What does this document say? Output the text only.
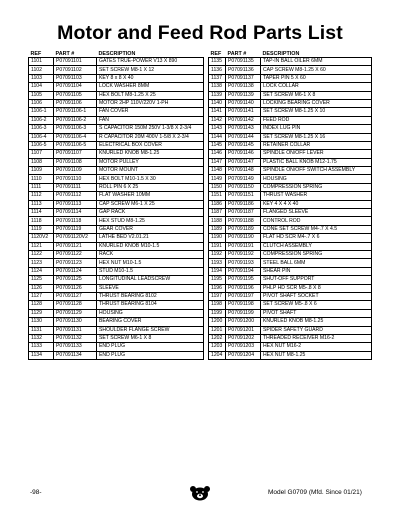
Motor and Feed Rod Parts List
REF	PART #	DESCRIPTION
1101	P07091101	GATES TRUE-POWER V13 X 890
1102	P07091102	SET SCREW M8-1 X 12
1103	P07091103	KEY 8 x 8 X 40
1104	P07091104	LOCK WASHER 8MM
1105	P07091105	HEX BOLT M8-1.25 X 25
1106	P07091106	MOTOR 2HP 110V/220V 1-PH
1106-1	P07091106-1	FAN COVER
1106-2	P07091106-2	FAN
1106-3	P07091106-3	S CAPACITOR 150M 250V 1-3/8 X 2-3/4
1106-4	P07091106-4	R CAPACITOR 20M 400V 1-5/8 X 2-3/4
1106-5	P07091106-5	ELECTRICAL BOX COVER
1107	P07091107	KNURLED KNOB M8-1.25
1108	P07091108	MOTOR PULLEY
1109	P07091109	MOTOR MOUNT
1110	P07091110	HEX BOLT M10-1.5 X 30
1111	P07091111	ROLL PIN 6 X 25
1112	P07091112	FLAT WASHER 10MM
1113	P07091113	CAP SCREW M6-1 X 25
1114	P07091114	GAP RACK
1118	P07091118	HEX STUD M8-1.25
1119	P07091119	GEAR COVER
1120V2	P07091120V2	LATHE BED V2.01.21
1121	P07091121	KNURLED KNOB M10-1.5
1122	P07091122	RACK
1123	P07091123	HEX NUT M10-1.5
1124	P07091124	STUD M10-1.5
1125	P07091125	LONGITUDINAL LEADSCREW
1126	P07091126	SLEEVE
1127	P07091127	THRUST BEARING 8102
1128	P07091128	THRUST BEARING 8104
1129	P07091129	HOUSING
1130	P07091130	BEARING COVER
1131	P07091131	SHOULDER FLANGE SCREW
1132	P07091132	SET SCREW M6-1 X 8
1133	P07091133	END PLUG
1134	P07091134	END PLUG
REF	PART #	DESCRIPTION
1135	P07091135	TAP-IN BALL OILER 6MM
1136	P07091136	CAP SCREW M8-1.25 X 60
1137	P07091137	TAPER PIN 5 X 60
1138	P07091138	LOCK COLLAR
1139	P07091139	SET SCREW M6-1 X 8
1140	P07091140	LOCKING BEARING COVER
1141	P07091141	SET SCREW M8-1.25 X 10
1142	P07091142	FEED ROD
1143	P07091143	INDEX LUG PIN
1144	P07091144	SET SCREW M8-1.25 X 16
1145	P07091145	RETAINER COLLAR
1146	P07091146	SPINDLE ON/OFF LEVER
1147	P07091147	PLASTIC BALL KNOB M12-1.75
1148	P07091148	SPINDLE ON/OFF SWITCH ASSEMBLY
1149	P07091149	HOUSING
1150	P07091150	COMPRESSION SPRING
1151	P07091151	THRUST WASHER
1186	P07091186	KEY 4 X 4 X 40
1187	P07091187	FLANGED SLEEVE
1188	P07091188	CONTROL ROD
1189	P07091189	CONE SET SCREW M4-.7 X 4.5
1190	P07091190	FLAT HD SCR M4-.7 X 6
1191	P07091191	CLUTCH ASSEMBLY
1192	P07091192	COMPRESSION SPRING
1193	P07091193	STEEL BALL 6MM
1194	P07091194	SHEAR PIN
1195	P07091195	SHUT-OFF SUPPORT
1196	P07091196	PHLP HD SCR M5-.8 X 8
1197	P07091197	PIVOT SHAFT SOCKET
1198	P07091198	SET SCREW M5-.8 X 6
1199	P07091199	PIVOT SHAFT
1200	P07091200	KNURLED KNOB M8-1.25
1201	P07091201	SPIDER SAFETY GUARD
1202	P07091202	THREADED RECEIVER M16-2
1203	P07091203	HEX NUT M16-2
1204	P07091204	HEX NUT M8-1.25
-98-	Model G0709 (Mfd. Since 01/21)
